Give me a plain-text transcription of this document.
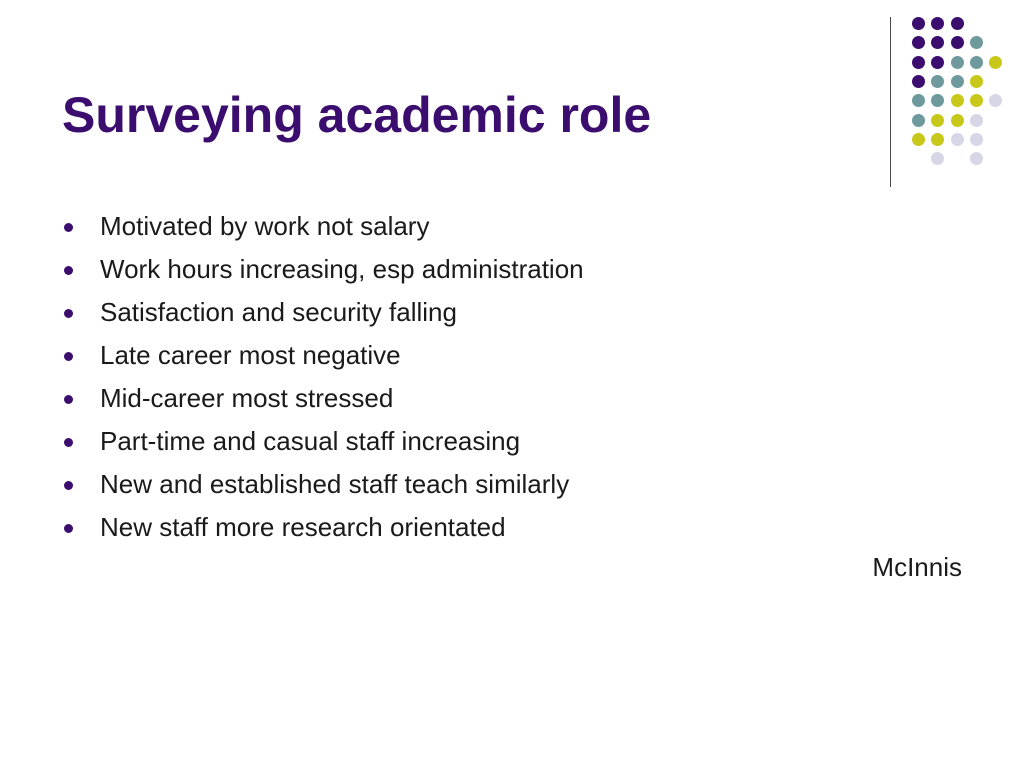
Surveying academic role
Motivated by work not salary
Work hours increasing, esp administration
Satisfaction and security falling
Late career most negative
Mid-career most stressed
Part-time and casual staff increasing
New and established staff teach similarly
New staff more research orientated
McInnis
